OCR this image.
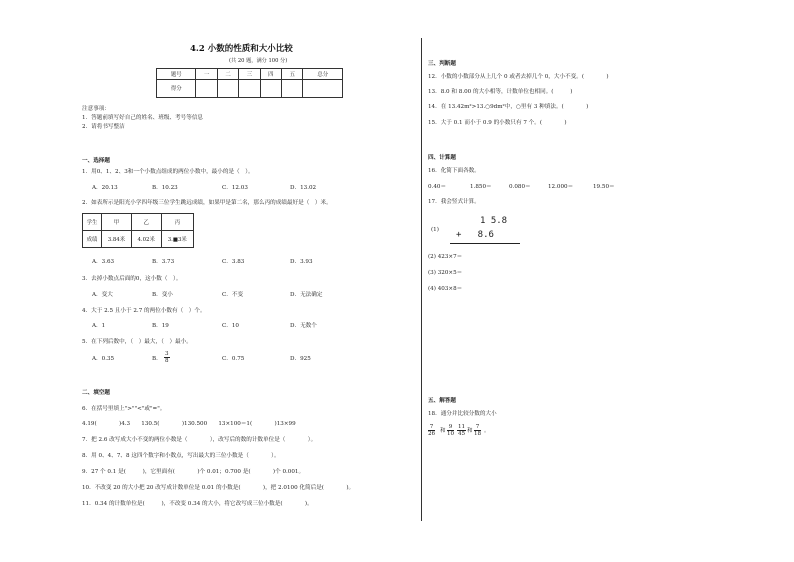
4.2 小数的性质和大小比较
(共 20 题，满分 100 分)
题号	一	二	三	四	五	总分
得分						
注意事项：
1．答题前填写好自己的姓名、班级、考号等信息
2．请将书写整洁
一、选择题
1．用0、1、2、3和一个小数点组成的两位小数中，最小的是（　）。
A．20.13	B．10.23	C．12.03	D．13.02
2．如表所示是阳光小学四年级三位学生跳远成绩，如果甲是第二名，那么丙的成绩最好是（　）米。
学生	甲	乙	丙
成绩	3.84米	4.02米	3.■3米
A．3.63	B．3.73	C．3.83	D．3.93
3．去掉小数点后面的0，这小数（　）。
A．变大	B．变小	C．不变	D．无法确定
4．大于 2.5 且小于 2.7 的两位小数有（　）个。
A．1	B．19	C．10	D．无数个
5．在下列后数中，（　）最大，（　）最小。
A．0.35	B． $\frac{3}{8}$	C．0.75	D．925
二、填空题
6．在括号里填上">""<"或"="。
4.19(　　　　)4.3　　130.5(　　　　)130.500　　13×100＝1(　　　　)13×99
7．把 2.6 改写成大小不变的两位小数是（　　　　），改写后的数的计数单位是（　　　　）。
8．用 0、4、7、8 这四个数字和小数点，写出最大的三位小数是（　　　　）。
9．27 个 0.1 是(　　　)，它里面有(　　　　)个 0.01；0.700 是(　　　　)个 0.001。
10．不改变 20 的大小把 20 改写成计数单位是 0.01 的小数是(　　　　)，把 2.0100 化简后是(　　　　)。
11．0.34 的计数单位是(　　　)，不改变 0.34 的大小，将它改写成三位小数是(　　　　)。
三、判断题
12．小数的小数部分从上几个 0 或者去掉几个 0，大小不变。(　　　　)
13．8.0 和 8.00 的大小相等，计数单位也相同。(　　　)
14．在 13.42m²>13.○9dm²中，○里有 3 种填法。(　　　　)
15．大于 0.1 而小于 0.9 的小数只有 7 个。(　　　　)
四、计算题
16．化简下面各数。
0.40＝	1.850＝	0.080＝	12.000＝	19.50＝
17．我会竖式计算。
(1)
1 5.8
+   8.6
(2) 423×7＝
(3) 320×5＝
(4) 403×8＝
五、解答题
18．通分并比较分数的大小
$\frac{7}{26}$ 和 $\frac{9}{10} \frac{11}{45}$ 和 $\frac{7}{18}$ 。
